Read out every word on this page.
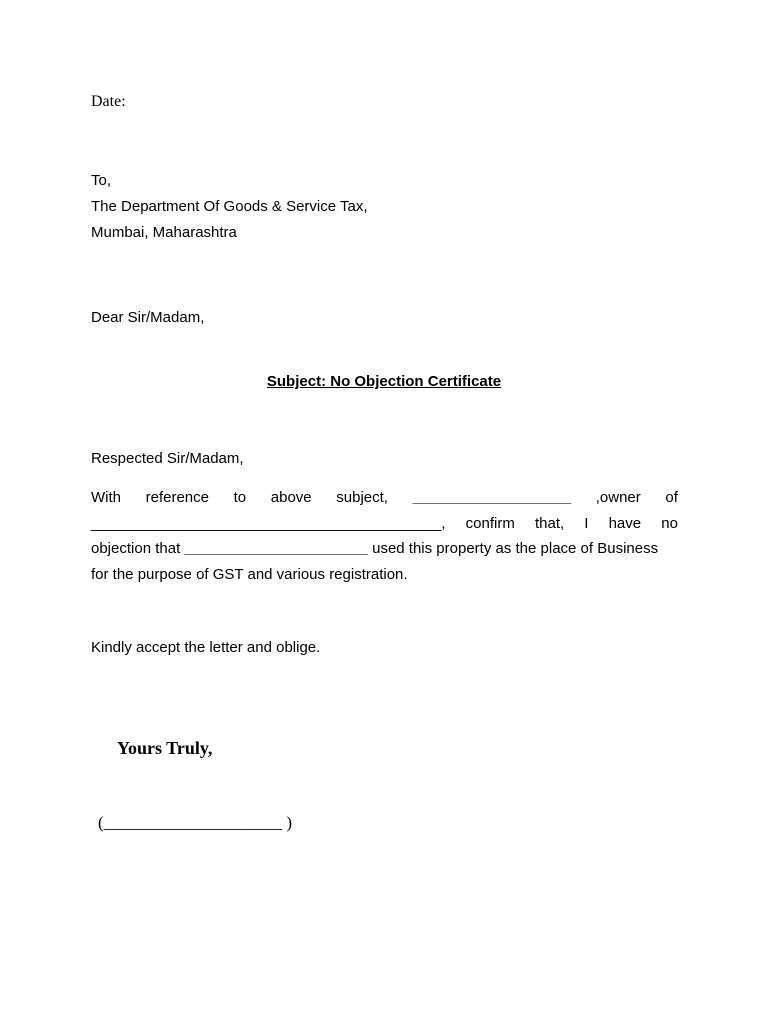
Date:
To,
The Department Of Goods & Service Tax,
Mumbai, Maharashtra
Dear Sir/Madam,
Subject: No Objection Certificate
Respected Sir/Madam,
With reference to above subject, ___________________ ,owner of
__________________________________________, confirm that, I have no
objection that ______________________ used this property as the place of Business
for the purpose of GST and various registration.
Kindly accept the letter and oblige.
Yours Truly,
(_____________________ )
